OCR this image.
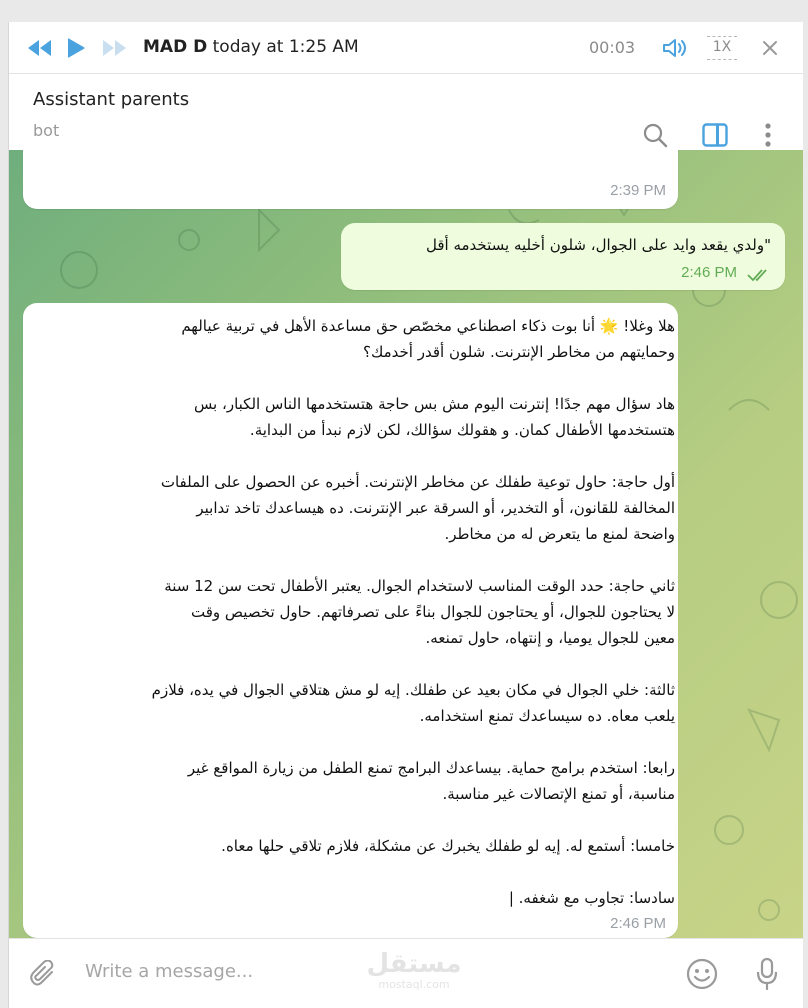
MAD D today at 1:25 AM	00:03	1X
Assistant parents
bot
2:39 PM
"ولدي يقعد وايد على الجوال، شلون أخليه يستخدمه أقل
2:46 PM

هلا وغلا! 🌟 أنا بوت ذكاء اصطناعي مخصّص حق مساعدة الأهل في تربية عيالهم

وحمايتهم من مخاطر الإنترنت. شلون أقدر أخدمك؟

هاد سؤال مهم جدًا! إنترنت اليوم مش بس حاجة هتستخدمها الناس الكبار، بس

هتستخدمها الأطفال كمان. و هقولك سؤالك، لكن لازم نبدأ من البداية.

أول حاجة: حاول توعية طفلك عن مخاطر الإنترنت. أخبره عن الحصول على الملفات

المخالفة للقانون، أو التخدير، أو السرقة عبر الإنترنت. ده هيساعدك تاخد تدابير

واضحة لمنع ما يتعرض له من مخاطر.

ثاني حاجة: حدد الوقت المناسب لاستخدام الجوال. يعتبر الأطفال تحت سن 12 سنة

لا يحتاجون للجوال، أو يحتاجون للجوال بناءً على تصرفاتهم. حاول تخصيص وقت

معين للجوال يوميا، و إنتهاه، حاول تمنعه.

ثالثة: خلي الجوال في مكان بعيد عن طفلك. إيه لو مش هتلاقي الجوال في يده، فلازم

يلعب معاه. ده سيساعدك تمنع استخدامه.

رابعا: استخدم برامج حماية. بيساعدك البرامج تمنع الطفل من زيارة المواقع غير

مناسبة، أو تمنع الإتصالات غير مناسبة.

خامسا: أستمع له. إيه لو طفلك يخبرك عن مشكلة، فلازم تلاقي حلها معاه.

سادسا: تجاوب مع شغفه. |

2:46 PM
Write a message...	مستقل
mostaql.com
